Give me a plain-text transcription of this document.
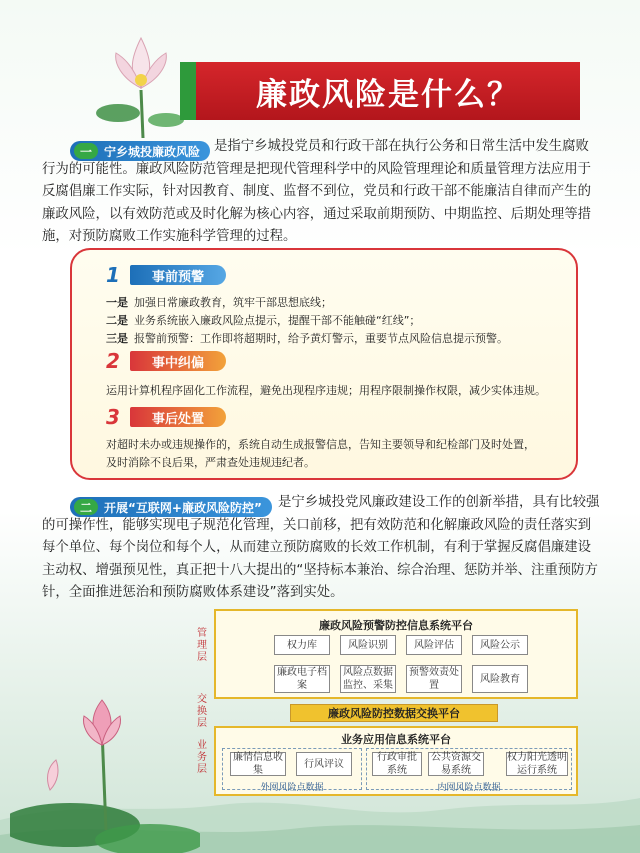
廉政风险是什么？
一	宁乡城投廉政风险	是指宁乡城投党员和行政干部在执行公务和日常生活中发生腐败行为的可能性。廉政风险防范管理是把现代管理科学中的风险管理理论和质量管理方法应用于反腐倡廉工作实际，针对因教育、制度、监督不到位，党员和行政干部不能廉洁自律而产生的廉政风险，以有效防范或及时化解为核心内容，通过采取前期预防、中期监控、后期处理等措施，对预防腐败工作实施科学管理的过程。
1	事前预警
一是 加强日常廉政教育，筑牢干部思想底线；
二是 业务系统嵌入廉政风险点提示，提醒干部不能触碰“红线”；
三是 报警前预警：工作即将超期时，给予黄灯警示，重要节点风险信息提示预警。
2	事中纠偏
运用计算机程序固化工作流程，避免出现程序违规；用程序限制操作权限，减少实体违规。
3	事后处置
对超时未办或违规操作的，系统自动生成报警信息，告知主要领导和纪检部门及时处置，
及时消除不良后果，严肃查处违规违纪者。
二	开展“互联网+廉政风险防控”	是宁乡城投党风廉政建设工作的创新举措，具有比较强的可操作性，能够实现电子规范化管理，关口前移，把有效防范和化解廉政风险的责任落实到每个单位、每个岗位和每个人，从而建立预防腐败的长效工作机制，有利于掌握反腐倡廉建设主动权、增强预见性，真正把十八大提出的“坚持标本兼治、综合治理、惩防并举、注重预防方针，全面推进惩治和预防腐败体系建设”落到实处。
管理层
交换层
业务层
廉政风险预警防控信息系统平台
权力库	风险识别	风险评估	风险公示
廉政电子档案
风险点数据监控、采集
预警效责处置
风险教育
廉政风险防控数据交换平台
业务应用信息系统平台
廉情信息收集
行风评议
行政审批系统
公共资源交易系统
权力阳光透明运行系统
外网风险点数据	内网风险点数据
